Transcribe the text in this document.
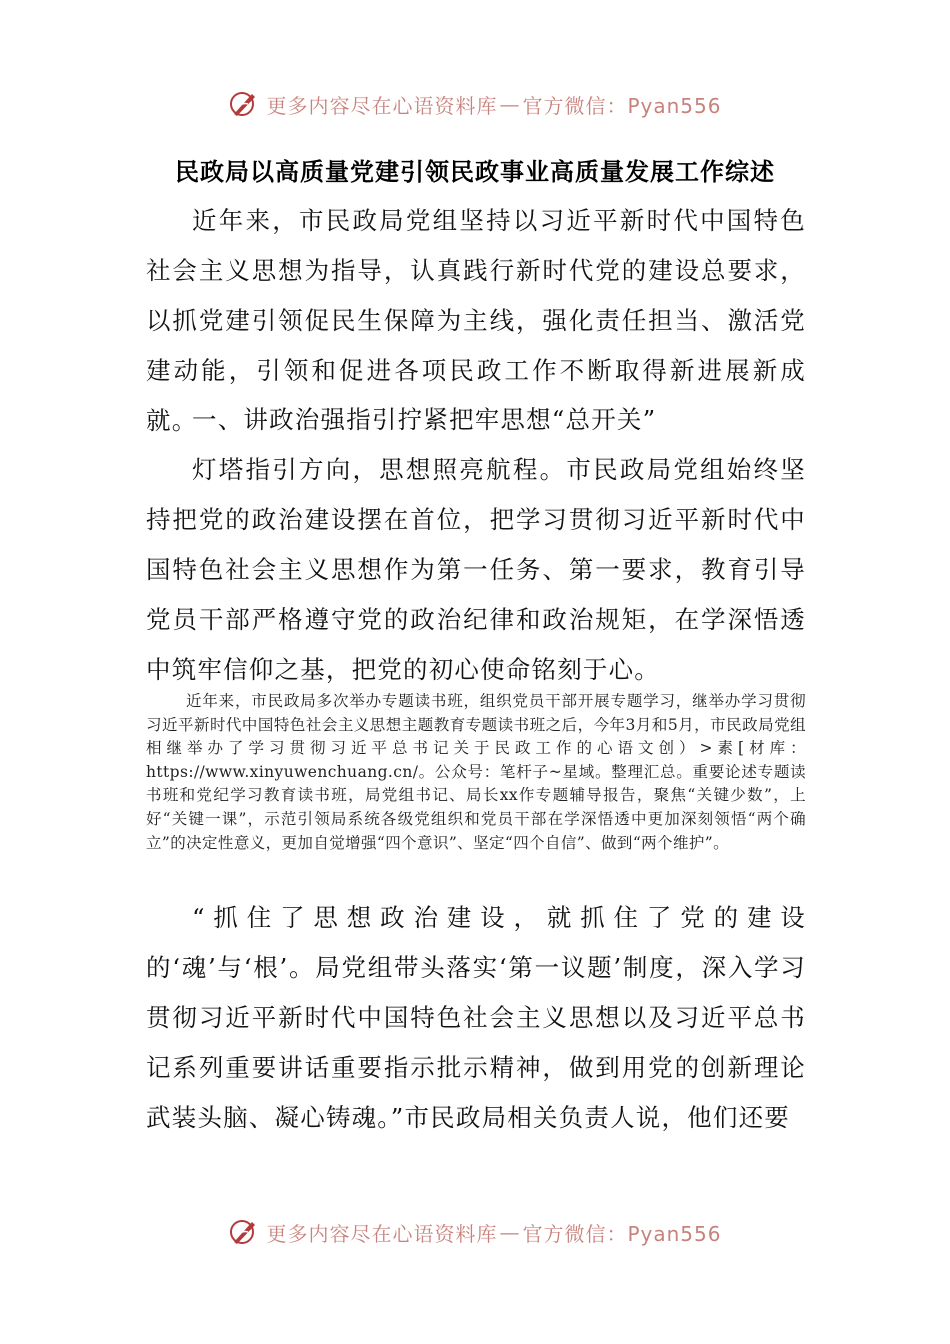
更多内容尽在心语资料库 — 官方微信：Pyan556
民政局以高质量党建引领民政事业高质量发展工作综述

近年来，市民政局党组坚持以习近平新时代中国特色社会主义思想为指导，认真践行新时代党的建设总要求，以抓党建引领促民生保障为主线，强化责任担当、激活党建动能，引领和促进各项民政工作不断取得新进展新成就。

一、讲政治强指引拧紧把牢思想“总开关”

灯塔指引方向，思想照亮航程。市民政局党组始终坚持把党的政治建设摆在首位，把学习贯彻习近平新时代中国特色社会主义思想作为第一任务、第一要求，教育引导党员干部严格遵守党的政治纪律和政治规矩，在学深悟透中筑牢信仰之基，把党的初心使命铭刻于心。

近年来，市民政局多次举办专题读书班，组织党员干部开展专题学习，继举办学习贯彻习近平新时代中国特色社会主义思想主题教育专题读书班之后，今年3月和5月，市民政局党组相继举办了学习贯彻习近平总书记关于民政工作的心语文创）>素[材库：https://www.xinyuwenchuang.cn/。公众号：笔杆子~星域。整理汇总。重要论述专题读书班和党纪学习教育读书班，局党组书记、局长xx作专题辅导报告，聚焦“关键少数”，上好“关键一课”，示范引领局系统各级党组织和党员干部在学深悟透中更加深刻领悟“两个确立”的决定性意义，更加自觉增强“四个意识”、坚定“四个自信”、做到“两个维护”。

“抓住了思想政治建设，就抓住了党的建设的‘魂’与‘根’。局党组带头落实‘第一议题’制度，深入学习贯彻习近平新时代中国特色社会主义思想以及习近平总书记系列重要讲话重要指示批示精神，做到用党的创新理论武装头脑、凝心铸魂。”市民政局相关负责人说，他们还要

更多内容尽在心语资料库 — 官方微信：Pyan556
